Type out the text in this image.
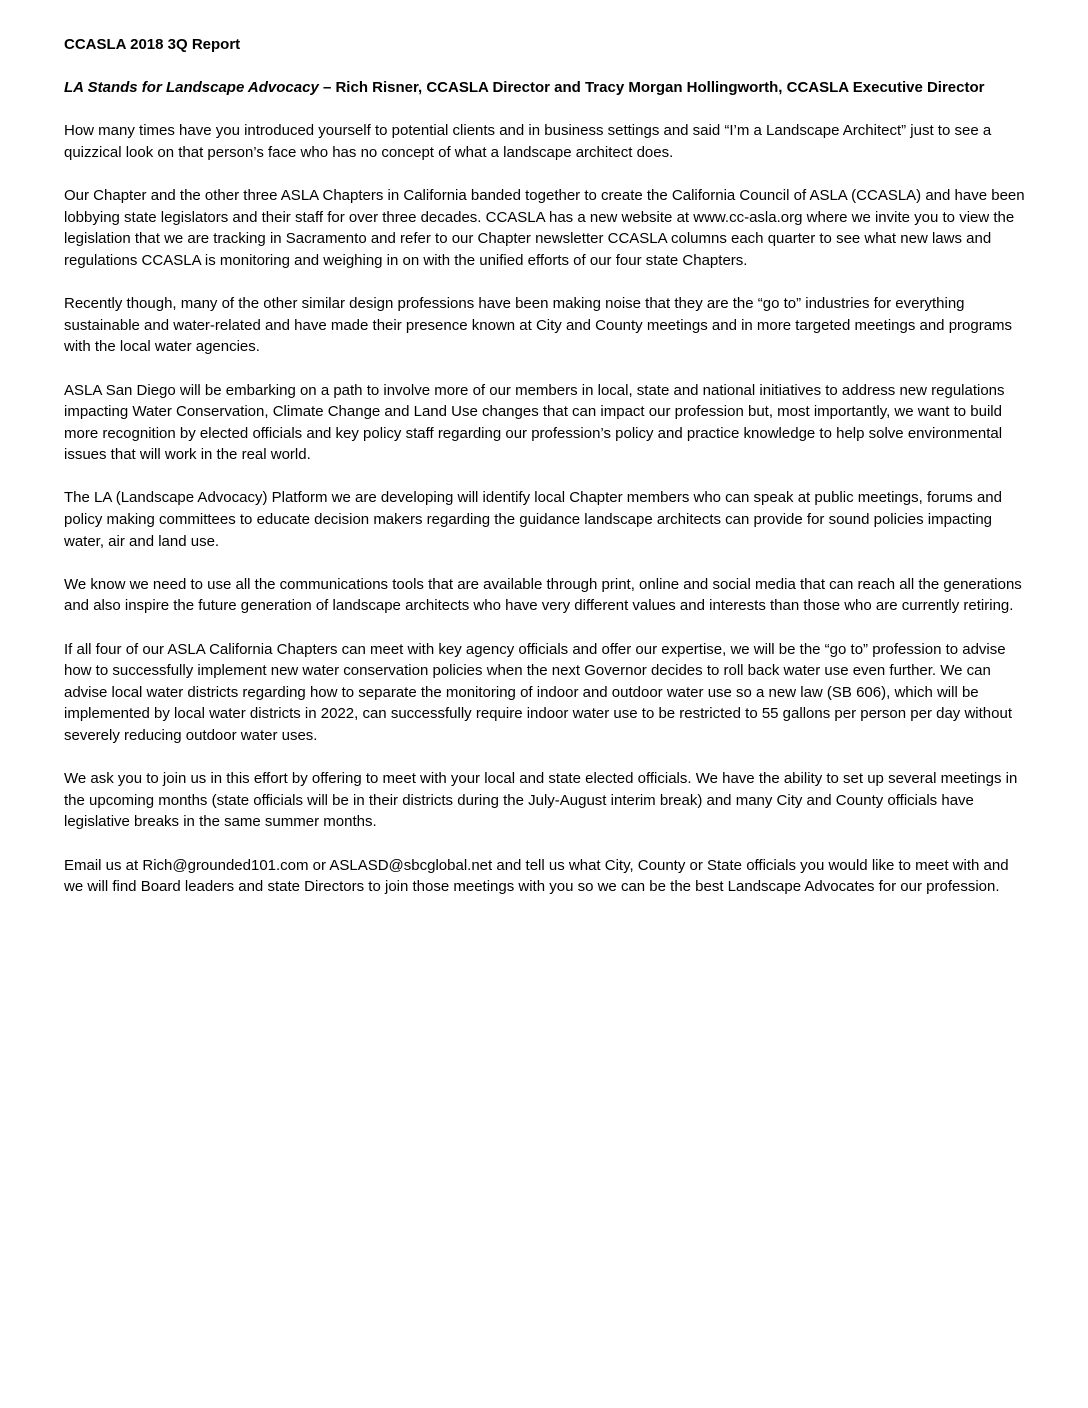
CCASLA 2018 3Q Report

LA Stands for Landscape Advocacy – Rich Risner, CCASLA Director and Tracy Morgan Hollingworth, CCASLA Executive Director

How many times have you introduced yourself to potential clients and in business settings and said “I’m a Landscape Architect” just to see a quizzical look on that person’s face who has no concept of what a landscape architect does.

Our Chapter and the other three ASLA Chapters in California banded together to create the California Council of ASLA (CCASLA) and have been lobbying state legislators and their staff for over three decades. CCASLA has a new website at www.cc-asla.org where we invite you to view the legislation that we are tracking in Sacramento and refer to our Chapter newsletter CCASLA columns each quarter to see what new laws and regulations CCASLA is monitoring and weighing in on with the unified efforts of our four state Chapters.

Recently though, many of the other similar design professions have been making noise that they are the “go to” industries for everything sustainable and water-related and have made their presence known at City and County meetings and in more targeted meetings and programs with the local water agencies.

ASLA San Diego will be embarking on a path to involve more of our members in local, state and national initiatives to address new regulations impacting Water Conservation, Climate Change and Land Use changes that can impact our profession but, most importantly, we want to build more recognition by elected officials and key policy staff regarding our profession’s policy and practice knowledge to help solve environmental issues that will work in the real world.

The LA (Landscape Advocacy) Platform we are developing will identify local Chapter members who can speak at public meetings, forums and policy making committees to educate decision makers regarding the guidance landscape architects can provide for sound policies impacting water, air and land use.

We know we need to use all the communications tools that are available through print, online and social media that can reach all the generations and also inspire the future generation of landscape architects who have very different values and interests than those who are currently retiring.

If all four of our ASLA California Chapters can meet with key agency officials and offer our expertise, we will be the “go to” profession to advise how to successfully implement new water conservation policies when the next Governor decides to roll back water use even further. We can advise local water districts regarding how to separate the monitoring of indoor and outdoor water use so a new law (SB 606), which will be implemented by local water districts in 2022, can successfully require indoor water use to be restricted to 55 gallons per person per day without severely reducing outdoor water uses.

We ask you to join us in this effort by offering to meet with your local and state elected officials. We have the ability to set up several meetings in the upcoming months (state officials will be in their districts during the July-August interim break) and many City and County officials have legislative breaks in the same summer months.

Email us at Rich@grounded101.com or ASLASD@sbcglobal.net and tell us what City, County or State officials you would like to meet with and we will find Board leaders and state Directors to join those meetings with you so we can be the best Landscape Advocates for our profession.
